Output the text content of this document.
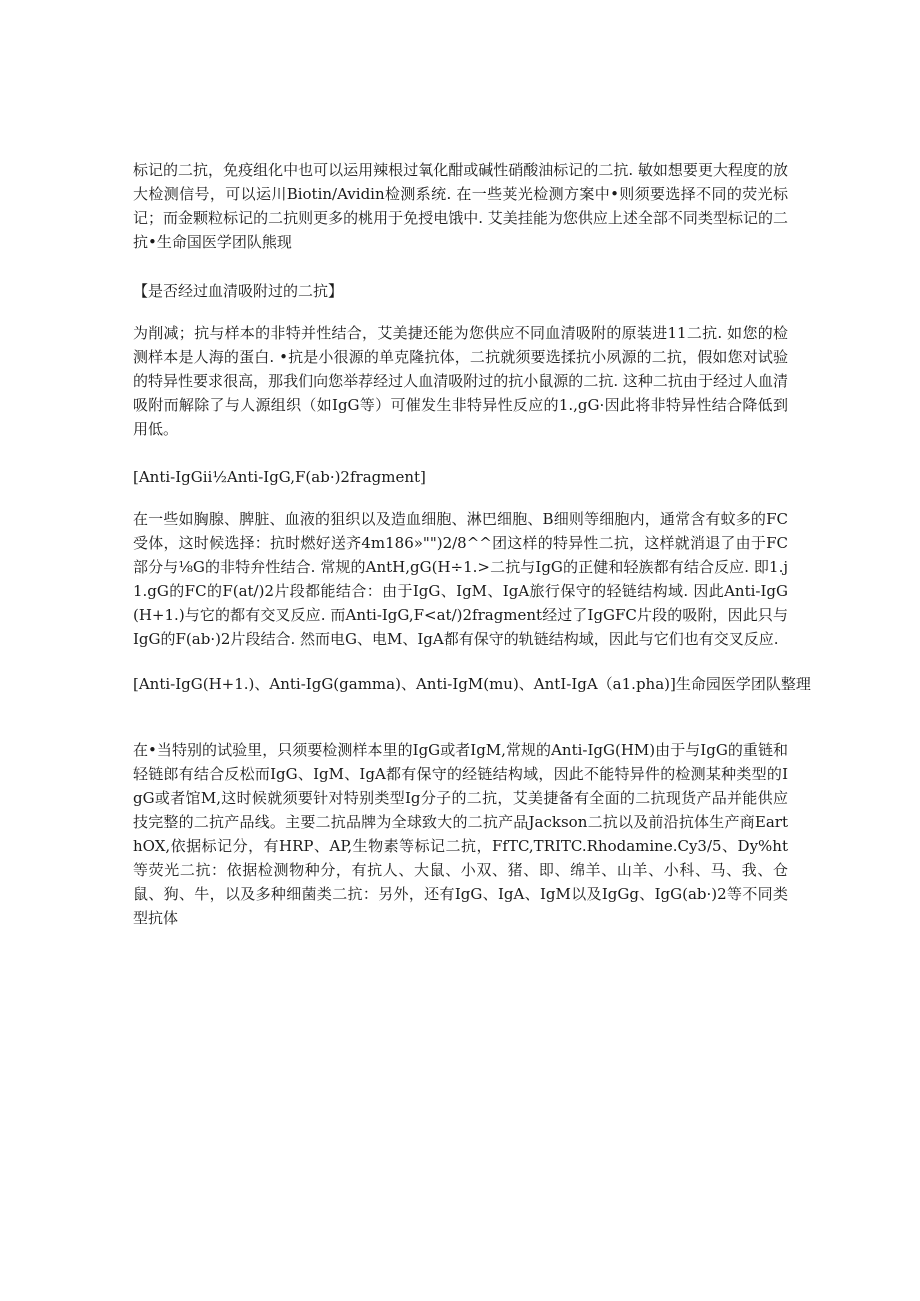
标记的二抗，免疫组化中也可以运用辣根过氧化酣或碱性硝酸油标记的二抗. 敏如想要更大程度的放大检测信号，可以运川Biotin/Avidin检测系统. 在一些荚光检测方案中•则须要选择不同的荧光标记；而金颗粒标记的二抗则更多的桃用于免授电饿中. 艾美挂能为您供应上述全部不同类型标记的二抗•生命国医学团队熊现

【是否经过血清吸附过的二抗】

为削减；抗与样本的非特并性结合，艾美捷还能为您供应不同血清吸附的原装进11二抗. 如您的检测样本是人海的蛋白. •抗是小很源的单克隆抗体，二抗就须要选揉抗小夙源的二抗，假如您对试验的特异性要求很高，那我们向您举荐经过人血清吸附过的抗小鼠源的二抗. 这种二抗由于经过人血清吸附而解除了与人源组织（如IgG等）可催发生非特异性反应的1.,gG·因此将非特异性结合降低到用低。

[Anti-IgGii½Anti-IgG,F(ab·)2fragment]

在一些如胸腺、脾脏、血液的狙织以及造血细胞、淋巴细胞、B细则等细胞内，通常含有蚊多的FC受体，这时候选择：抗时燃好送齐4m186»"")2/8^^团这样的特异性二抗，这样就消退了由于FC部分与⅛G的非特弁性结合. 常规的AntH,gG(H÷1.>二抗与IgG的正健和轻族都有结合反应. 即1.j1.gG的FC的F(at/)2片段都能结合：由于IgG、IgM、IgA旅行保守的轻链结构域. 因此Anti-IgG(H+1.)与它的都有交叉反应. 而Anti-IgG,F<at/)2fragment经过了IgGFC片段的吸附，因此只与IgG的F(ab·)2片段结合. 然而电G、电M、IgA都有保守的轨链结构域，因此与它们也有交叉反应.

[Anti-IgG(H+1.)、Anti-IgG(gamma)、Anti-IgM(mu)、AntI-IgA（a1.pha)]生命园医学团队整理

在•当特别的试验里，只须要检测样本里的IgG或者IgM,常规的Anti-IgG(HM)由于与IgG的重链和轻链郎有结合反松而IgG、IgM、IgA都有保守的经链结构域，因此不能特异件的检测某种类型的IgG或者馆M,这时候就须要针对特别类型Ig分子的二抗，艾美捷备有全面的二抗现货产品并能供应技完整的二抗产品线。主要二抗品牌为全球致大的二抗产品Jackson二抗以及前沿抗体生产商EarthOX,依据标记分，有HRP、AP,生物素等标记二抗，FfTC,TRITC.Rhodamine.Cy3/5、Dy%ht等荧光二抗：依据检测物种分，有抗人、大鼠、小双、猪、即、绵羊、山羊、小科、马、我、仓鼠、狗、牛，以及多种细菌类二抗：另外，还有IgG、IgA、IgM以及IgGg、IgG(ab·)2等不同类型抗体
